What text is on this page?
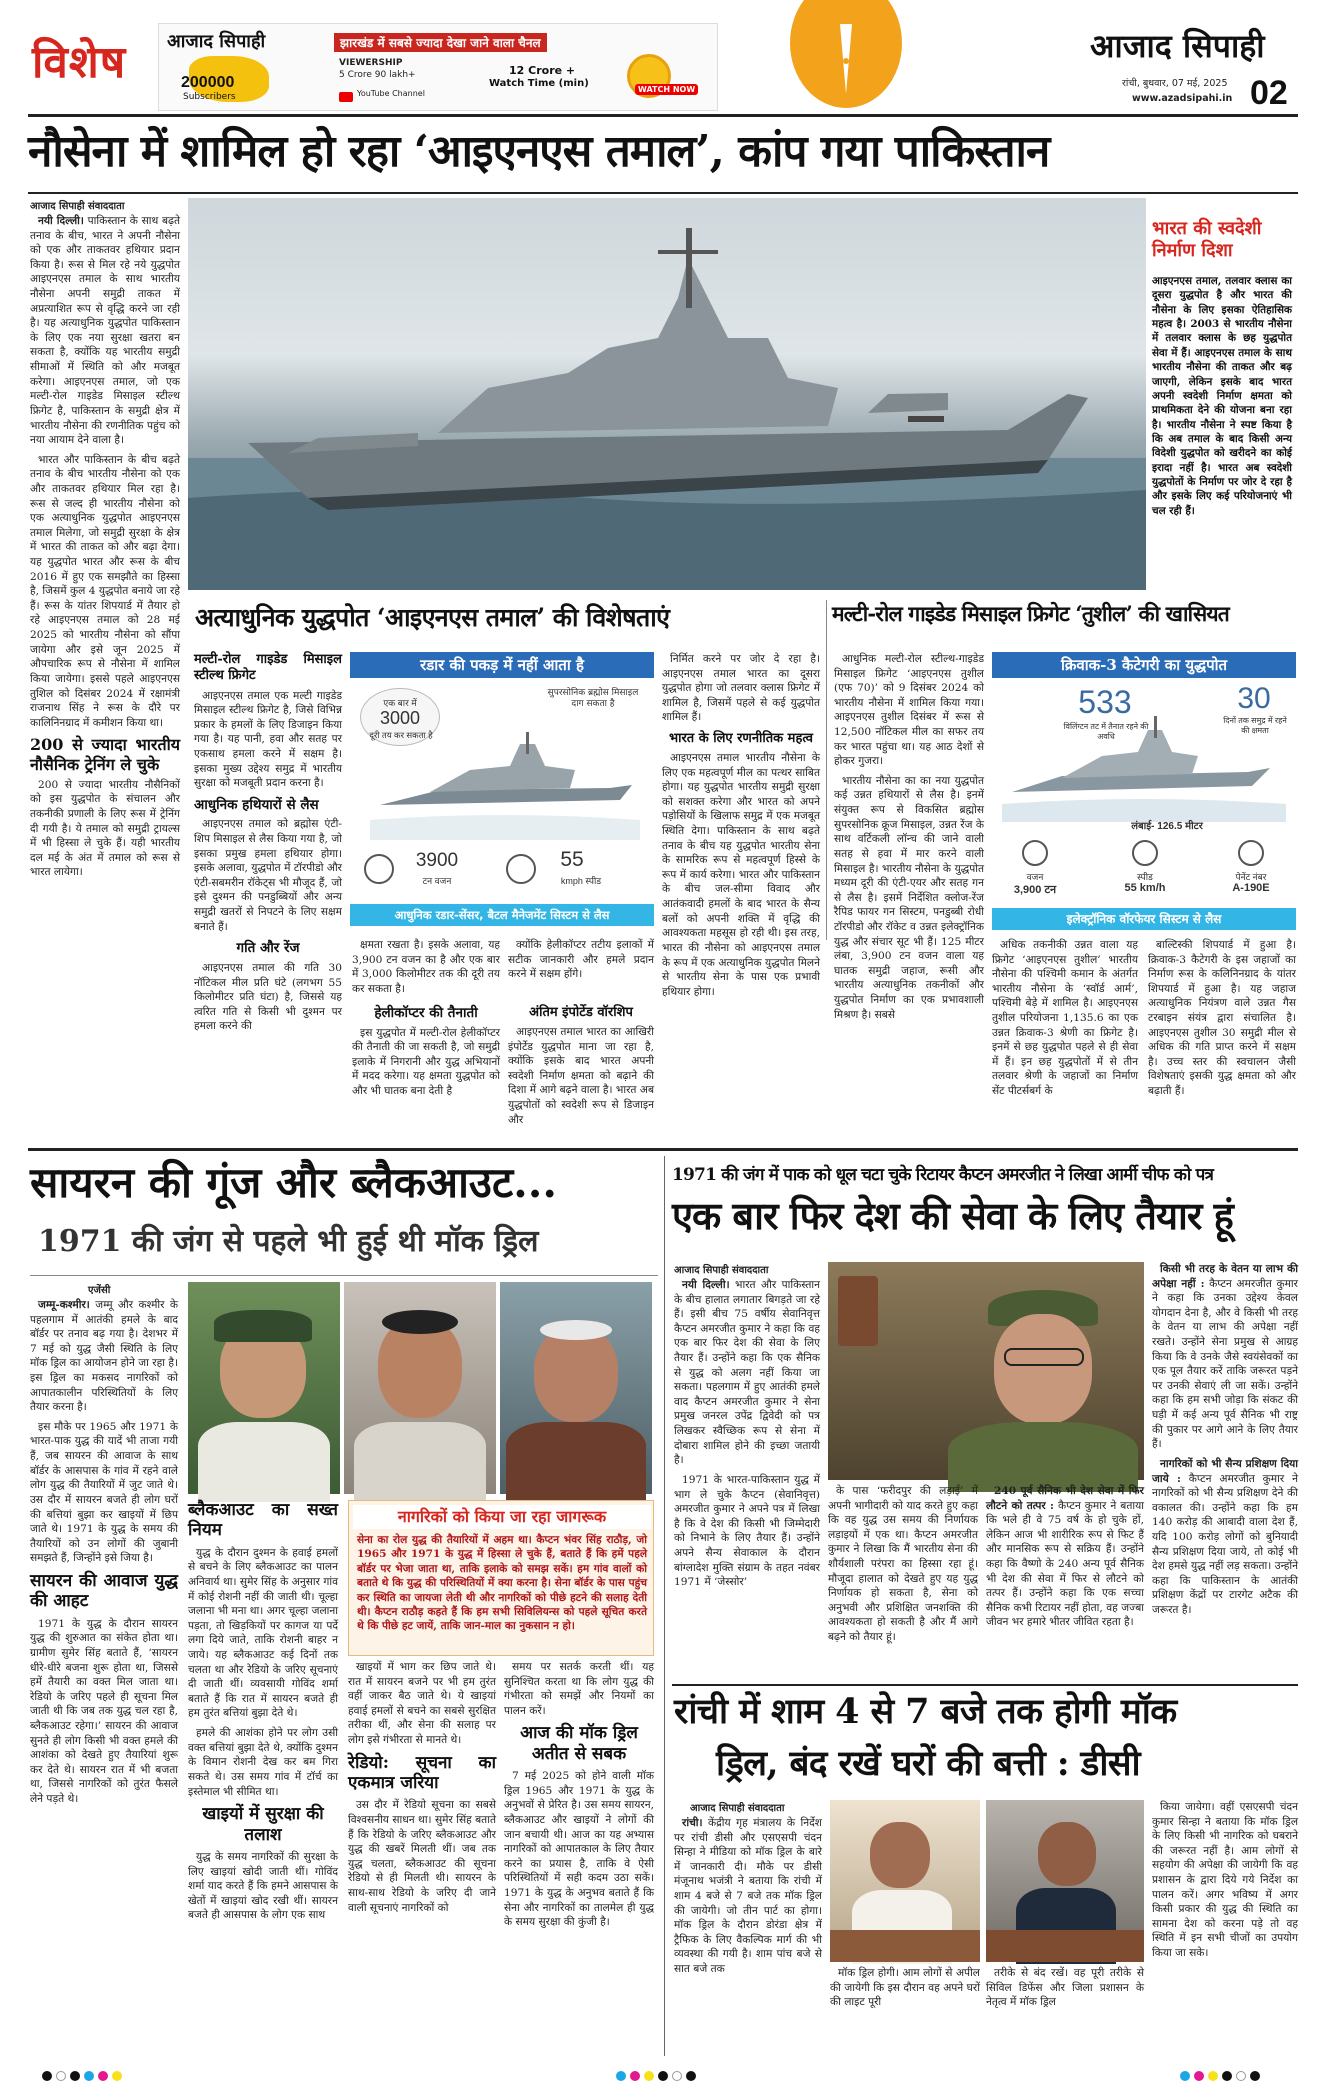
विशेष आजाद सिपाही	झारखंड में सबसे ज्यादा देखा जाने वाला चैनल
200000
Subscribers
VIEWERSHIP
5 Crore 90 lakh+
YouTube Channel
12 Crore +
Watch Time (min)
WATCH NOW
आजाद सिपाही
रांची, बुधवार, 07 मई, 2025
www.azadsipahi.in 02
नौसेना में शामिल हो रहा ‘आइएनएस तमाल’, कांप गया पाकिस्तान
आजाद सिपाही संवाददाता

नयी दिल्ली। पाकिस्तान के साथ बढ़ते तनाव के बीच, भारत ने अपनी नौसेना को एक और ताकतवर हथियार प्रदान किया है। रूस से मिल रहे नये युद्धपोत आइएनएस तमाल के साथ भारतीय नौसेना अपनी समुद्री ताकत में अप्रत्याशित रूप से वृद्धि करने जा रही है। यह अत्याधुनिक युद्धपोत पाकिस्तान के लिए एक नया सुरक्षा खतरा बन सकता है, क्योंकि यह भारतीय समुद्री सीमाओं में स्थिति को और मजबूत करेगा। आइएनएस तमाल, जो एक मल्टी-रोल गाइडेड मिसाइल स्टील्थ फ्रिगेट है, पाकिस्तान के समुद्री क्षेत्र में भारतीय नौसेना की रणनीतिक पहुंच को नया आयाम देने वाला है।

भारत और पाकिस्तान के बीच बढ़ते तनाव के बीच भारतीय नौसेना को एक और ताकतवर हथियार मिल रहा है। रूस से जल्द ही भारतीय नौसेना को एक अत्याधुनिक युद्धपोत आइएनएस तमाल मिलेगा, जो समुद्री सुरक्षा के क्षेत्र में भारत की ताकत को और बढ़ा देगा। यह युद्धपोत भारत और रूस के बीच 2016 में हुए एक समझौते का हिस्सा है, जिसमें कुल 4 युद्धपोत बनाये जा रहे हैं। रूस के यांतर शिपयार्ड में तैयार हो रहे आइएनएस तमाल को 28 मई 2025 को भारतीय नौसेना को सौंपा जायेगा और इसे जून 2025 में औपचारिक रूप से नौसेना में शामिल किया जायेगा। इससे पहले आइएनएस तुशिल को दिसंबर 2024 में रक्षामंत्री राजनाथ सिंह ने रूस के दौरे पर कालिनिनग्राद में कमीशन किया था।

200 से ज्यादा भारतीय नौसैनिक ट्रेनिंग ले चुके

200 से ज्यादा भारतीय नौसैनिकों को इस युद्धपोत के संचालन और तकनीकी प्रणाली के लिए रूस में ट्रेनिंग दी गयी है। ये तमाल को समुद्री ट्रायल्स में भी हिस्सा ले चुके हैं। यही भारतीय दल मई के अंत में तमाल को रूस से भारत लायेगा।

भारत की स्वदेशी निर्माण दिशा
आइएनएस तमाल, तलवार क्लास का दूसरा युद्धपोत है और भारत की नौसेना के लिए इसका ऐतिहासिक महत्व है। 2003 से भारतीय नौसेना में तलवार क्लास के छह युद्धपोत सेवा में हैं। आइएनएस तमाल के साथ भारतीय नौसेना की ताकत और बढ़ जाएगी, लेकिन इसके बाद भारत अपनी स्वदेशी निर्माण क्षमता को प्राथमिकता देने की योजना बना रहा है। भारतीय नौसेना ने स्पष्ट किया है कि अब तमाल के बाद किसी अन्य विदेशी युद्धपोत को खरीदने का कोई इरादा नहीं है। भारत अब स्वदेशी युद्धपोतों के निर्माण पर जोर दे रहा है और इसके लिए कई परियोजनाएं भी चल रही हैं।
अत्याधुनिक युद्धपोत ‘आइएनएस तमाल’ की विशेषताएं	मल्टी-रोल गाइडेड मिसाइल फ्रिगेट ‘तुशील’ की खासियत
मल्टी-रोल गाइडेड मिसाइल स्टील्थ फ्रिगेट

आइएनएस तमाल एक मल्टी गाइडेड मिसाइल स्टील्थ फ्रिगेट है, जिसे विभिन्न प्रकार के हमलों के लिए डिजाइन किया गया है। यह पानी, हवा और सतह पर एकसाथ हमला करने में सक्षम है। इसका मुख्य उद्देश्य समुद्र में भारतीय सुरक्षा को मजबूती प्रदान करना है।

आधुनिक हथियारों से लैस

आइएनएस तमाल को ब्रह्मोस एंटी-शिप मिसाइल से लैस किया गया है, जो इसका प्रमुख हमला हथियार होगा। इसके अलावा, युद्धपोत में टॉरपीडो और एंटी-सबमरीन रॉकेट्स भी मौजूद हैं, जो इसे दुश्मन की पनडुब्बियों और अन्य समुद्री खतरों से निपटने के लिए सक्षम बनाते हैं।

गति और रेंज

आइएनएस तमाल की गति 30 नॉटिकल मील प्रति घंटे (लगभग 55 किलोमीटर प्रति घंटा) है, जिससे यह त्वरित गति से किसी भी दुश्मन पर हमला करने की

रडार की पकड़ में नहीं आता है
एक बार में
3000
दूरी तय कर सकता है
सुपरसोनिक ब्रह्मोस मिसाइल दाग सकता है
3900
टन वजन
55
kmph स्पीड
आधुनिक रडार-सेंसर, बैटल मैनेजमेंट सिस्टम से लैस

क्षमता रखता है। इसके अलावा, यह 3,900 टन वजन का है और एक बार में 3,000 किलोमीटर तक की दूरी तय कर सकता है।

क्योंकि हेलीकॉप्टर तटीय इलाकों में सटीक जानकारी और हमले प्रदान करने में सक्षम होंगे।

निर्मित करने पर जोर दे रहा है। आइएनएस तमाल भारत का दूसरा युद्धपोत होगा जो तलवार क्लास फ्रिगेट में शामिल है, जिसमें पहले से कई युद्धपोत शामिल हैं।

भारत के लिए रणनीतिक महत्व

आइएनएस तमाल भारतीय नौसेना के लिए एक महत्वपूर्ण मील का पत्थर साबित होगा। यह युद्धपोत भारतीय समुद्री सुरक्षा को सशक्त करेगा और भारत को अपने पड़ोसियों के खिलाफ समुद्र में एक मजबूत स्थिति देगा। पाकिस्तान के साथ बढ़ते तनाव के बीच यह युद्धपोत भारतीय सेना के सामरिक रूप से महत्वपूर्ण हिस्से के रूप में कार्य करेगा। भारत और पाकिस्तान के बीच जल-सीमा विवाद और आतंकवादी हमलों के बाद भारत के सैन्य बलों को अपनी शक्ति में वृद्धि की आवश्यकता महसूस हो रही थी। इस तरह, भारत की नौसेना को आइएनएस तमाल के रूप में एक अत्याधुनिक युद्धपोत मिलने से भारतीय सेना के पास एक प्रभावी हथियार होगा।

आधुनिक मल्टी-रोल स्टील्थ-गाइडेड मिसाइल फ्रिगेट ‘आइएनएस तुशील (एफ 70)’ को 9 दिसंबर 2024 को भारतीय नौसेना में शामिल किया गया। आइएनएस तुशील दिसंबर में रूस से 12,500 नॉटिकल मील का सफर तय कर भारत पहुंचा था। यह आठ देशों से होकर गुजरा।

भारतीय नौसेना का का नया युद्धपोत कई उन्नत हथियारों से लैस है। इनमें संयुक्त रूप से विकसित ब्रह्मोस सुपरसोनिक क्रूज मिसाइल, उन्नत रेंज के साथ वर्टिकली लॉन्च की जाने वाली सतह से हवा में मार करने वाली मिसाइल है। भारतीय नौसेना के युद्धपोत मध्यम दूरी की एंटी-एयर और सतह गन से लैस है। इसमें निर्देशित क्लोज-रेंज रैपिड फायर गन सिस्टम, पनडुब्बी रोधी टॉरपीडो और रॉकेट व उन्नत इलेक्ट्रॉनिक युद्ध और संचार सूट भी हैं। 125 मीटर लंबा, 3,900 टन वजन वाला यह घातक समुद्री जहाज, रूसी और भारतीय अत्याधुनिक तकनीकों और युद्धपोत निर्माण का एक प्रभावशाली मिश्रण है। सबसे

क्रिवाक-3 कैटेगरी का युद्धपोत
533
विलिंग्टन तट में तैनात रहने की अवधि
30
दिनों तक समुद्र में रहने की क्षमता
लंबाई- 126.5 मीटर
वजन
3,900 टन
स्पीड
55 km/h
पेनेंट नंबर
A-190E
इलेक्ट्रॉनिक वॉरफेयर सिस्टम से लैस

अधिक तकनीकी उन्नत वाला यह फ्रिगेट ‘आइएनएस तुशील’ भारतीय नौसेना की पश्चिमी कमान के अंतर्गत भारतीय नौसेना के ‘स्वॉर्ड आर्म’, पश्चिमी बेड़े में शामिल है। आइएनएस तुशील परियोजना 1,135.6 का एक उन्नत क्रिवाक-3 श्रेणी का फ्रिगेट है। इनमें से छह युद्धपोत पहले से ही सेवा में हैं। इन छह युद्धपोतों में से तीन तलवार श्रेणी के जहाजों का निर्माण सेंट पीटर्सबर्ग के

बाल्टिस्की शिपयार्ड में हुआ है। क्रिवाक-3 कैटेगरी के इस जहाजों का निर्माण रूस के कलिनिनग्राद के यांतर शिपयार्ड में हुआ है। यह जहाज अत्याधुनिक नियंत्रण वाले उन्नत गैस टरबाइन संयंत्र द्वारा संचालित है। आइएनएस तुशील 30 समुद्री मील से अधिक की गति प्राप्त करने में सक्षम है। उच्च स्तर की स्वचालन जैसी विशेषताएं इसकी युद्ध क्षमता को और बढ़ाती हैं।

हेलीकॉप्टर की तैनाती

इस युद्धपोत में मल्टी-रोल हेलीकॉप्टर की तैनाती की जा सकती है, जो समुद्री इलाके में निगरानी और युद्ध अभियानों में मदद करेगा। यह क्षमता युद्धपोत को और भी घातक बना देती है

अंतिम इंपोर्टेड वॉरशिप

आइएनएस तमाल भारत का आखिरी इंपोर्टेड युद्धपोत माना जा रहा है, क्योंकि इसके बाद भारत अपनी स्वदेशी निर्माण क्षमता को बढ़ाने की दिशा में आगे बढ़ने वाला है। भारत अब युद्धपोतों को स्वदेशी रूप से डिजाइन और

सायरन की गूंज और ब्लैकआउट...
1971 की जंग से पहले भी हुई थी मॉक ड्रिल
एजेंसी

जम्मू-कश्मीर। जम्मू और कश्मीर के पहलगाम में आतंकी हमले के बाद बॉर्डर पर तनाव बढ़ गया है। देशभर में 7 मई को युद्ध जैसी स्थिति के लिए मॉक ड्रिल का आयोजन होने जा रहा है। इस ड्रिल का मकसद नागरिकों को आपातकालीन परिस्थितियों के लिए तैयार करना है।

इस मौके पर 1965 और 1971 के भारत-पाक युद्ध की यादें भी ताजा गयी हैं, जब सायरन की आवाज के साथ बॉर्डर के आसपास के गांव में रहने वाले लोग युद्ध की तैयारियों में जुट जाते थे। उस दौर में सायरन बजते ही लोग घरों की बत्तियां बुझा कर खाइयों में छिप जाते थे। 1971 के युद्ध के समय की तैयारियों को उन लोगों की जुबानी समझते हैं, जिन्होंने इसे जिया है।

सायरन की आवाज युद्ध की आहट

1971 के युद्ध के दौरान सायरन युद्ध की शुरुआत का संकेत होता था। ग्रामीण सुमेर सिंह बताते हैं, ‘सायरन धीरे-धीरे बजना शुरू होता था, जिससे हमें तैयारी का वक्त मिल जाता था। रेडियो के जरिए पहले ही सूचना मिल जाती थी कि जब तक युद्ध चल रहा है, ब्लैकआउट रहेगा।’ सायरन की आवाज सुनते ही लोग किसी भी वक्त हमले की आशंका को देखते हुए तैयारियां शुरू कर देते थे। सायरन रात में भी बजता था, जिससे नागरिकों को तुरंत फैसले लेने पड़ते थे।

ब्लैकआउट का सख्त नियम

युद्ध के दौरान दुश्मन के हवाई हमलों से बचने के लिए ब्लैकआउट का पालन अनिवार्य था। सुमेर सिंह के अनुसार गांव में कोई रोशनी नहीं की जाती थी। चूल्हा जलाना भी मना था। अगर चूल्हा जलाना पड़ता, तो खिड़कियों पर कागज या पर्दे लगा दिये जाते, ताकि रोशनी बाहर न जाये। यह ब्लैकआउट कई दिनों तक चलता था और रेडियो के जरिए सूचनाएं दी जाती थीं। व्यवसायी गोविंद शर्मा बताते हैं कि रात में सायरन बजते ही हम तुरंत बत्तियां बुझा देते थे।

हमले की आशंका होने पर लोग उसी वक्त बत्तियां बुझा देते थे, क्योंकि दुश्मन के विमान रोशनी देख कर बम गिरा सकते थे। उस समय गांव में टॉर्च का इस्तेमाल भी सीमित था।

खाइयों में सुरक्षा की तलाश

युद्ध के समय नागरिकों की सुरक्षा के लिए खाइयां खोदी जाती थीं। गोविंद शर्मा याद करते हैं कि हमने आसपास के खेतों में खाइयां खोद रखी थीं। सायरन बजते ही आसपास के लोग एक साथ

नागरिकों को किया जा रहा जागरूक
सेना का रोल युद्ध की तैयारियों में अहम था। कैप्टन भंवर सिंह राठौड़, जो 1965 और 1971 के युद्ध में हिस्सा ले चुके हैं, बताते हैं कि हमें पहले बॉर्डर पर भेजा जाता था, ताकि इलाके को समझ सकें। हम गांव वालों को बताते थे कि युद्ध की परिस्थितियों में क्या करना है। सेना बॉर्डर के पास पहुंच कर स्थिति का जायजा लेती थी और नागरिकों को पीछे हटने की सलाह देती थी। कैप्टन राठौड़ कहते हैं कि हम सभी सिविलियन्स को पहले सूचित करते थे कि पीछे हट जायें, ताकि जान-माल का नुकसान न हो।

खाइयों में भाग कर छिप जाते थे। रात में सायरन बजने पर भी हम तुरंत वहीं जाकर बैठ जाते थे। ये खाइयां हवाई हमलों से बचने का सबसे सुरक्षित तरीका थीं, और सेना की सलाह पर लोग इसे गंभीरता से मानते थे।

रेडियो: सूचना का एकमात्र जरिया

उस दौर में रेडियो सूचना का सबसे विश्वसनीय साधन था। सुमेर सिंह बताते हैं कि रेडियो के जरिए ब्लैकआउट और युद्ध की खबरें मिलती थीं। जब तक युद्ध चलता, ब्लैकआउट की सूचना रेडियो से ही मिलती थी। सायरन के साथ-साथ रेडियो के जरिए दी जाने वाली सूचनाएं नागरिकों को

समय पर सतर्क करती थीं। यह सुनिश्चित करता था कि लोग युद्ध की गंभीरता को समझें और नियमों का पालन करें।

आज की मॉक ड्रिल अतीत से सबक

7 मई 2025 को होने वाली मॉक ड्रिल 1965 और 1971 के युद्ध के अनुभवों से प्रेरित है। उस समय सायरन, ब्लैकआउट और खाइयों ने लोगों की जान बचायी थी। आज का यह अभ्यास नागरिकों को आपातकाल के लिए तैयार करने का प्रयास है, ताकि वे ऐसी परिस्थितियों में सही कदम उठा सकें। 1971 के युद्ध के अनुभव बताते हैं कि सेना और नागरिकों का तालमेल ही युद्ध के समय सुरक्षा की कुंजी है।

1971 की जंग में पाक को धूल चटा चुके रिटायर कैप्टन अमरजीत ने लिखा आर्मी चीफ को पत्र
एक बार फिर देश की सेवा के लिए तैयार हूं
आजाद सिपाही संवाददाता

नयी दिल्ली। भारत और पाकिस्तान के बीच हालात लगातार बिगड़ते जा रहे हैं। इसी बीच 75 वर्षीय सेवानिवृत्त कैप्टन अमरजीत कुमार ने कहा कि वह एक बार फिर देश की सेवा के लिए तैयार हैं। उन्होंने कहा कि एक सैनिक से युद्ध को अलग नहीं किया जा सकता। पहलगाम में हुए आतंकी हमले वाद कैप्टन अमरजीत कुमार ने सेना प्रमुख जनरल उपेंद्र द्विवेदी को पत्र लिखकर स्वैच्छिक रूप से सेना में दोबारा शामिल होने की इच्छा जतायी है।

1971 के भारत-पाकिस्तान युद्ध में भाग ले चुके कैप्टन (सेवानिवृत्त) अमरजीत कुमार ने अपने पत्र में लिखा है कि वे देश की किसी भी जिम्मेदारी को निभाने के लिए तैयार हैं। उन्होंने अपने सैन्य सेवाकाल के दौरान बांग्लादेश मुक्ति संग्राम के तहत नवंबर 1971 में ‘जेस्सोर’

के पास ‘फरीदपुर की लड़ाई’ में अपनी भागीदारी को याद करते हुए कहा कि वह युद्ध उस समय की निर्णायक लड़ाइयों में एक था। कैप्टन अमरजीत कुमार ने लिखा कि मैं भारतीय सेना की शौर्यशाली परंपरा का हिस्सा रहा हूं। मौजूदा हालात को देखते हुए यह युद्ध निर्णायक हो सकता है, सेना को अनुभवी और प्रशिक्षित जनशक्ति की आवश्यकता हो सकती है और मैं आगे बढ़ने को तैयार हूं।

240 पूर्व सैनिक भी देश सेवा में फिर लौटने को तत्पर : कैप्टन कुमार ने बताया कि भले ही वे 75 वर्ष के हो चुके हों, लेकिन आज भी शारीरिक रूप से फिट हैं और मानसिक रूप से सक्रिय हैं। उन्होंने कहा कि वैष्णो के 240 अन्य पूर्व सैनिक भी देश की सेवा में फिर से लौटने को तत्पर हैं। उन्होंने कहा कि एक सच्चा सैनिक कभी रिटायर नहीं होता, वह जज्बा जीवन भर हमारे भीतर जीवित रहता है।

किसी भी तरह के वेतन या लाभ की अपेक्षा नहीं : कैप्टन अमरजीत कुमार ने कहा कि उनका उद्देश्य केवल योगदान देना है, और वे किसी भी तरह के वेतन या लाभ की अपेक्षा नहीं रखते। उन्होंने सेना प्रमुख से आग्रह किया कि वे उनके जैसे स्वयंसेवकों का एक पूल तैयार करें ताकि जरूरत पड़ने पर उनकी सेवाएं ली जा सकें। उन्होंने कहा कि हम सभी जोड़ा कि संकट की घड़ी में कई अन्य पूर्व सैनिक भी राष्ट्र की पुकार पर आगे आने के लिए तैयार हैं।

नागरिकों को भी सैन्य प्रशिक्षण दिया जाये : कैप्टन अमरजीत कुमार ने नागरिकों को भी सैन्य प्रशिक्षण देने की वकालत की। उन्होंने कहा कि हम 140 करोड़ की आबादी वाला देश हैं, यदि 100 करोड़ लोगों को बुनियादी सैन्य प्रशिक्षण दिया जाये, तो कोई भी देश हमसे युद्ध नहीं लड़ सकता। उन्होंने कहा कि पाकिस्तान के आतंकी प्रशिक्षण केंद्रों पर टारगेट अटैक की जरूरत है।

रांची में शाम 4 से 7 बजे तक होगी मॉक
ड्रिल, बंद रखें घरों की बत्ती : डीसी
आजाद सिपाही संवाददाता

रांची। केंद्रीय गृह मंत्रालय के निर्देश पर रांची डीसी और एसएसपी चंदन सिन्हा ने मीडिया को मॉक ड्रिल के बारे में जानकारी दी। मौके पर डीसी मंजूनाथ भजंत्री ने बताया कि रांची में शाम 4 बजे से 7 बजे तक मॉक ड्रिल की जायेगी। जो तीन पार्ट का होगा। मॉक ड्रिल के दौरान डोरंडा क्षेत्र में ट्रैफिक के लिए वैकल्पिक मार्ग की भी व्यवस्था की गयी है। शाम पांच बजे से सात बजे तक	मॉक ड्रिल होगी। आम लोगों से अपील की जायेगी कि इस दौरान वह अपने घरों की लाइट पूरी

तरीके से बंद रखें। वह पूरी तरीके से सिविल डिफेंस और जिला प्रशासन के नेतृत्व में मॉक ड्रिल

किया जायेगा। वहीं एसएसपी चंदन कुमार सिन्हा ने बताया कि मॉक ड्रिल के लिए किसी भी नागरिक को घबराने की जरूरत नहीं है। आम लोगों से सहयोग की अपेक्षा की जायेगी कि वह प्रशासन के द्वारा दिये गये निर्देश का पालन करें। अगर भविष्य में अगर किसी प्रकार की युद्ध की स्थिति का सामना देश को करना पड़े तो वह स्थिति में इन सभी चीजों का उपयोग किया जा सके।
